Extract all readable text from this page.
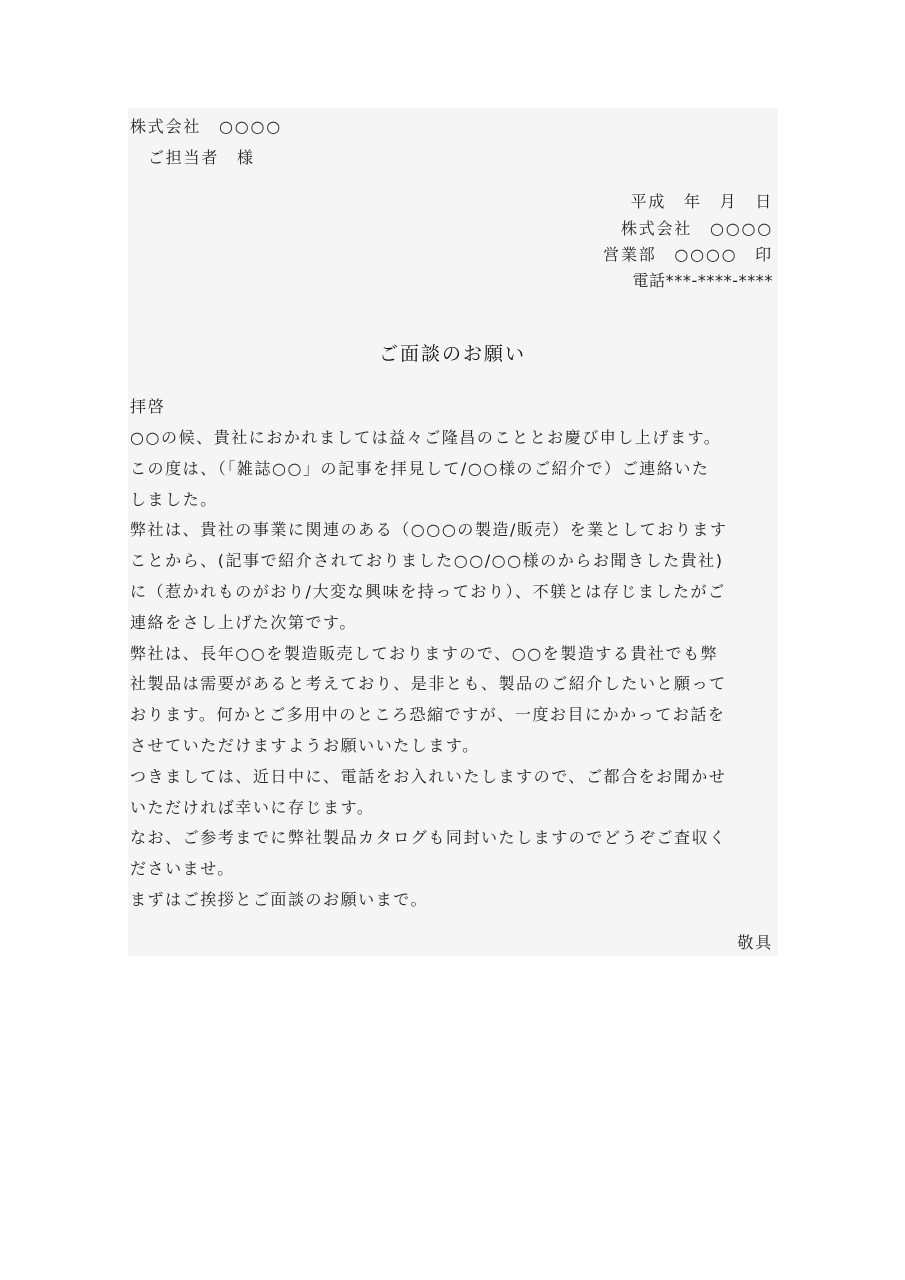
株式会社　○○○○
ご担当者　様
平成　年　月　日
株式会社　○○○○
営業部　○○○○　印
電話***-****-****
ご面談のお願い
拝啓
○○の候、貴社におかれましては益々ご隆昌のこととお慶び申し上げます。
この度は、（「雑誌○○」の記事を拝見して/○○様のご紹介で）ご連絡いた
しました。
弊社は、貴社の事業に関連のある（○○○の製造/販売）を業としております
ことから、(記事で紹介されておりました○○/○○様のからお聞きした貴社)
に（惹かれものがおり/大変な興味を持っており）、不躾とは存じましたがご
連絡をさし上げた次第です。
弊社は、長年○○を製造販売しておりますので、○○を製造する貴社でも弊
社製品は需要があると考えており、是非とも、製品のご紹介したいと願って
おります。何かとご多用中のところ恐縮ですが、一度お目にかかってお話を
させていただけますようお願いいたします。
つきましては、近日中に、電話をお入れいたしますので、ご都合をお聞かせ
いただければ幸いに存じます。
なお、ご参考までに弊社製品カタログも同封いたしますのでどうぞご査収く
ださいませ。
まずはご挨拶とご面談のお願いまで。
敬具
